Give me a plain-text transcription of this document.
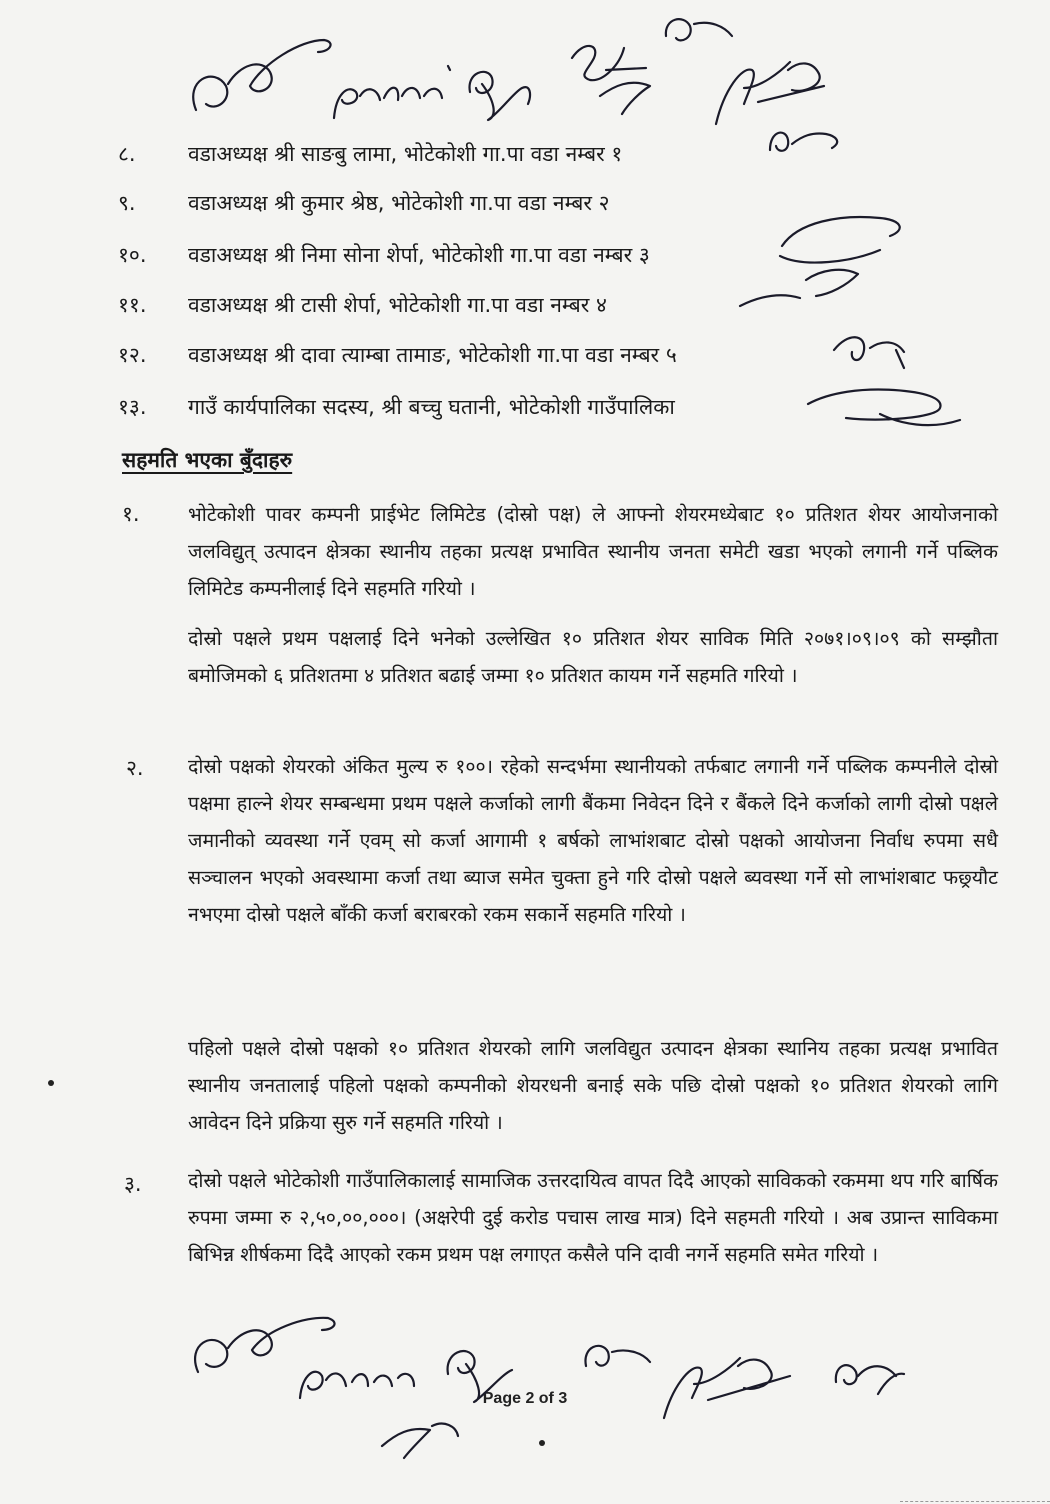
८.	वडाअध्यक्ष श्री साङबु लामा, भोटेकोशी गा.पा वडा नम्बर १
९.	वडाअध्यक्ष श्री कुमार श्रेष्ठ, भोटेकोशी गा.पा वडा नम्बर २
१०.	वडाअध्यक्ष श्री निमा सोना शेर्पा, भोटेकोशी गा.पा वडा नम्बर ३
११.	वडाअध्यक्ष श्री टासी शेर्पा, भोटेकोशी गा.पा वडा नम्बर ४
१२.	वडाअध्यक्ष श्री दावा त्याम्बा तामाङ, भोटेकोशी गा.पा वडा नम्बर ५
१३.	गाउँ कार्यपालिका सदस्य, श्री बच्चु घतानी, भोटेकोशी गाउँपालिका
सहमति भएका बुँदाहरु
१. भोटेकोशी पावर कम्पनी प्राईभेट लिमिटेड (दोस्रो पक्ष) ले आफ्नो शेयरमध्येबाट १० प्रतिशत शेयर आयोजनाको जलविद्युत् उत्पादन क्षेत्रका स्थानीय तहका प्रत्यक्ष प्रभावित स्थानीय जनता समेटी खडा भएको लगानी गर्ने पब्लिक लिमिटेड कम्पनीलाई दिने सहमति गरियो ।
दोस्रो पक्षले प्रथम पक्षलाई दिने भनेको उल्लेखित १० प्रतिशत शेयर साविक मिति २०७१।०९।०९ को सम्झौता बमोजिमको ६ प्रतिशतमा ४ प्रतिशत बढाई जम्मा १० प्रतिशत कायम गर्ने सहमति गरियो ।
२. दोस्रो पक्षको शेयरको अंकित मुल्य रु १००। रहेको सन्दर्भमा स्थानीयको तर्फबाट लगानी गर्ने पब्लिक कम्पनीले दोस्रो पक्षमा हाल्ने शेयर सम्बन्धमा प्रथम पक्षले कर्जाको लागी बैंकमा निवेदन दिने र बैंकले दिने कर्जाको लागी दोस्रो पक्षले जमानीको व्यवस्था गर्ने एवम् सो कर्जा आगामी १ बर्षको लाभांशबाट दोस्रो पक्षको आयोजना निर्वाध रुपमा सधै सञ्चालन भएको अवस्थामा कर्जा तथा ब्याज समेत चुक्ता हुने गरि दोस्रो पक्षले ब्यवस्था गर्ने सो लाभांशबाट फछ्र्यौट नभएमा दोस्रो पक्षले बाँकी कर्जा बराबरको रकम सकार्ने सहमति गरियो ।
पहिलो पक्षले दोस्रो पक्षको १० प्रतिशत शेयरको लागि जलविद्युत उत्पादन क्षेत्रका स्थानिय तहका प्रत्यक्ष प्रभावित स्थानीय जनतालाई पहिलो पक्षको कम्पनीको शेयरधनी बनाई सके पछि दोस्रो पक्षको १० प्रतिशत शेयरको लागि आवेदन दिने प्रक्रिया सुरु गर्ने सहमति गरियो ।
३. दोस्रो पक्षले भोटेकोशी गाउँपालिकालाई सामाजिक उत्तरदायित्व वापत दिदै आएको साविकको रकममा थप गरि बार्षिक रुपमा जम्मा रु २,५०,००,०००। (अक्षरेपी दुई करोड पचास लाख मात्र) दिने सहमती गरियो । अब उप्रान्त साविकमा बिभिन्न शीर्षकमा दिदै आएको रकम प्रथम पक्ष लगाएत कसैले पनि दावी नगर्ने सहमति समेत गरियो ।
Page 2 of 3
